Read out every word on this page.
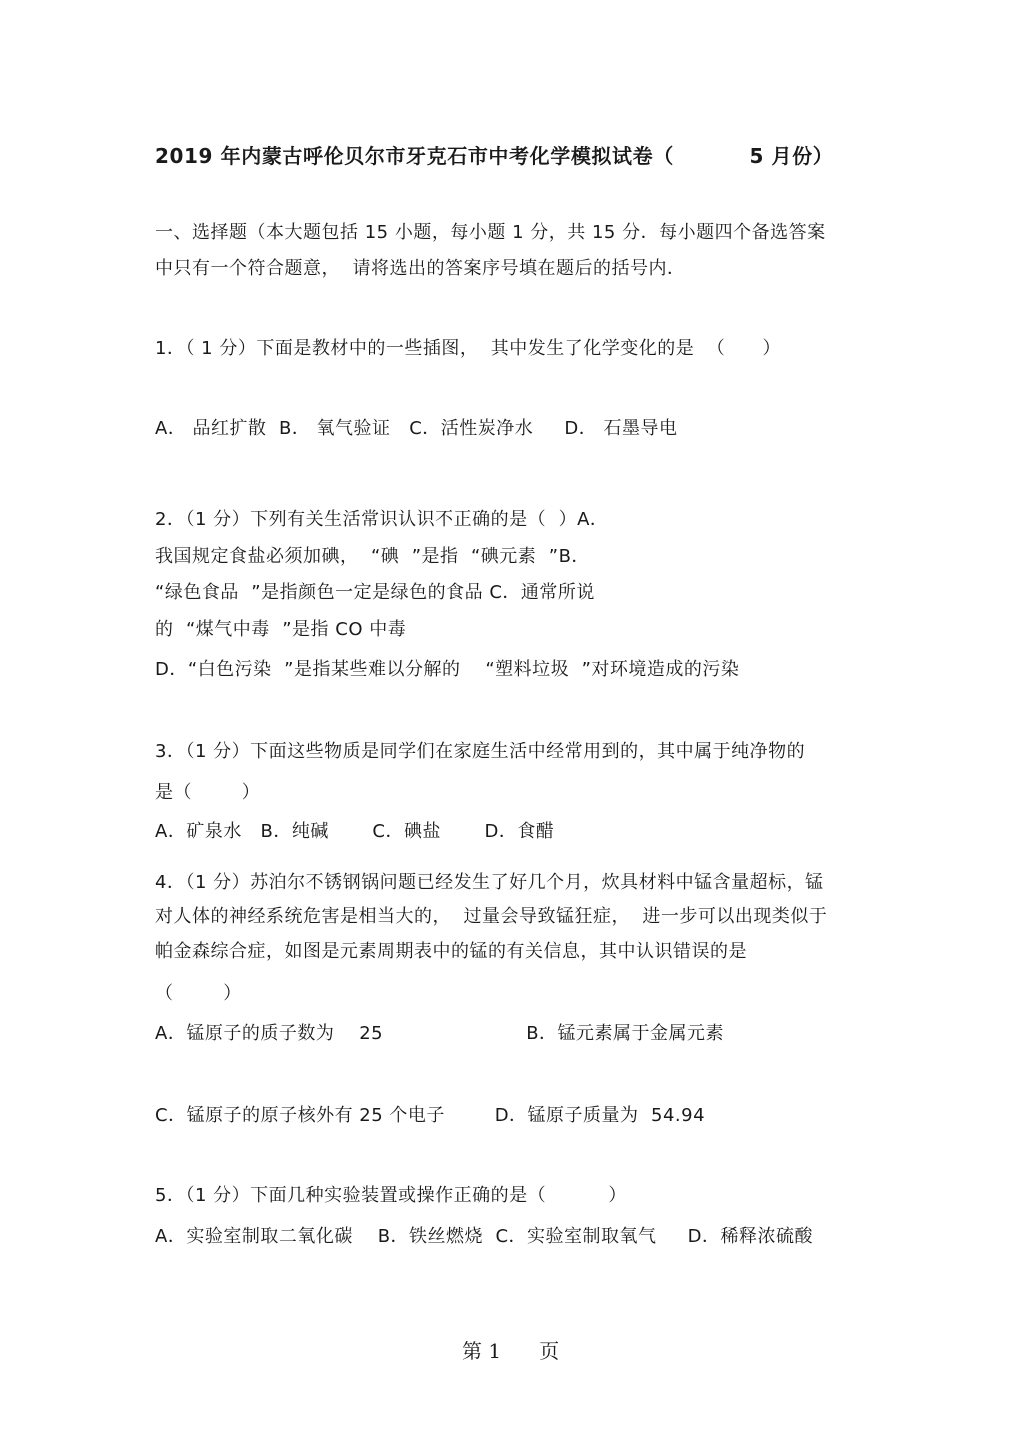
2019 年内蒙古呼伦贝尔市牙克石市中考化学模拟试卷（          5 月份）
一、选择题（本大题包括 15 小题，每小题 1 分，共 15 分．每小题四个备选答案
中只有一个符合题意，  请将选出的答案序号填在题后的括号内．
1．（ 1 分）下面是教材中的一些插图，  其中发生了化学变化的是  （      ）
A． 品红扩散  B． 氧气验证   C．活性炭净水     D． 石墨导电
2．（1 分）下列有关生活常识认识不正确的是（  ）A．
我国规定食盐必须加碘，  “碘  ”是指  “碘元素  ”B．
“绿色食品  ”是指颜色一定是绿色的食品 C．通常所说
的  “煤气中毒  ”是指 CO 中毒
D．“白色污染  ”是指某些难以分解的    “塑料垃圾  ”对环境造成的污染
3．（1 分）下面这些物质是同学们在家庭生活中经常用到的，其中属于纯净物的
是（        ）
A．矿泉水   B．纯碱       C．碘盐       D．食醋
4．（1 分）苏泊尔不锈钢锅问题已经发生了好几个月，炊具材料中锰含量超标，锰
对人体的神经系统危害是相当大的，  过量会导致锰狂症，  进一步可以出现类似于
帕金森综合症，如图是元素周期表中的锰的有关信息，其中认识错误的是
（        ）
A．锰原子的质子数为    25                       B．锰元素属于金属元素
C．锰原子的原子核外有 25 个电子        D．锰原子质量为  54.94
5．（1 分）下面几种实验装置或操作正确的是（          ）
A．实验室制取二氧化碳    B．铁丝燃烧  C．实验室制取氧气     D．稀释浓硫酸
第 1      页
